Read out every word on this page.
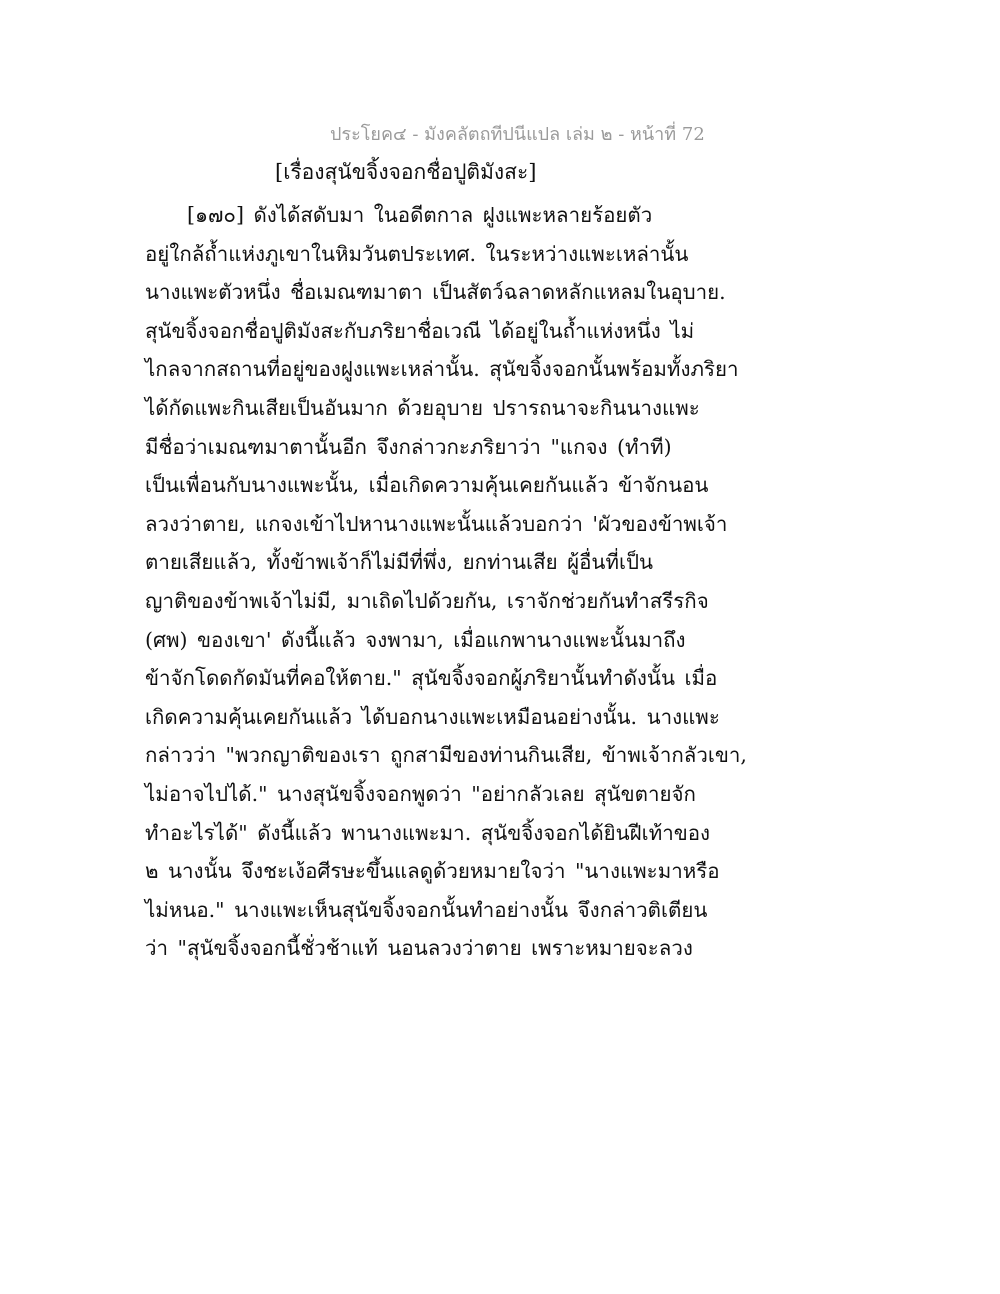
ประโยค๔ - มังคลัตถทีปนีแปล เล่ม ๒ - หน้าที่ 72
[เรื่องสุนัขจิ้งจอกชื่อปูติมังสะ]
[๑๗๐] ดังได้สดับมา ในอดีตกาล ฝูงแพะหลายร้อยตัว
อยู่ใกล้ถ้ำแห่งภูเขาในหิมวันตประเทศ. ในระหว่างแพะเหล่านั้น
นางแพะตัวหนึ่ง ชื่อเมณฑมาตา เป็นสัตว์ฉลาดหลักแหลมในอุบาย.
สุนัขจิ้งจอกชื่อปูติมังสะกับภริยาชื่อเวณี ได้อยู่ในถ้ำแห่งหนึ่ง ไม่
ไกลจากสถานที่อยู่ของฝูงแพะเหล่านั้น. สุนัขจิ้งจอกนั้นพร้อมทั้งภริยา
ได้กัดแพะกินเสียเป็นอันมาก ด้วยอุบาย ปรารถนาจะกินนางแพะ
มีชื่อว่าเมณฑมาตานั้นอีก จึงกล่าวกะภริยาว่า "แกจง (ทำที)
เป็นเพื่อนกับนางแพะนั้น, เมื่อเกิดความคุ้นเคยกันแล้ว ข้าจักนอน
ลวงว่าตาย, แกจงเข้าไปหานางแพะนั้นแล้วบอกว่า 'ผัวของข้าพเจ้า
ตายเสียแล้ว, ทั้งข้าพเจ้าก็ไม่มีที่พึ่ง, ยกท่านเสีย ผู้อื่นที่เป็น
ญาติของข้าพเจ้าไม่มี, มาเถิดไปด้วยกัน, เราจักช่วยกันทำสรีรกิจ
(ศพ) ของเขา' ดังนี้แล้ว จงพามา, เมื่อแกพานางแพะนั้นมาถึง
ข้าจักโดดกัดมันที่คอให้ตาย." สุนัขจิ้งจอกผู้ภริยานั้นทำดังนั้น เมื่อ
เกิดความคุ้นเคยกันแล้ว ได้บอกนางแพะเหมือนอย่างนั้น. นางแพะ
กล่าวว่า "พวกญาติของเรา ถูกสามีของท่านกินเสีย, ข้าพเจ้ากลัวเขา,
ไม่อาจไปได้." นางสุนัขจิ้งจอกพูดว่า "อย่ากลัวเลย สุนัขตายจัก
ทำอะไรได้" ดังนี้แล้ว พานางแพะมา. สุนัขจิ้งจอกได้ยินฝีเท้าของ
๒ นางนั้น จึงชะเง้อศีรษะขึ้นแลดูด้วยหมายใจว่า "นางแพะมาหรือ
ไม่หนอ." นางแพะเห็นสุนัขจิ้งจอกนั้นทำอย่างนั้น จึงกล่าวติเตียน
ว่า "สุนัขจิ้งจอกนี้ชั่วช้าแท้ นอนลวงว่าตาย เพราะหมายจะลวง
